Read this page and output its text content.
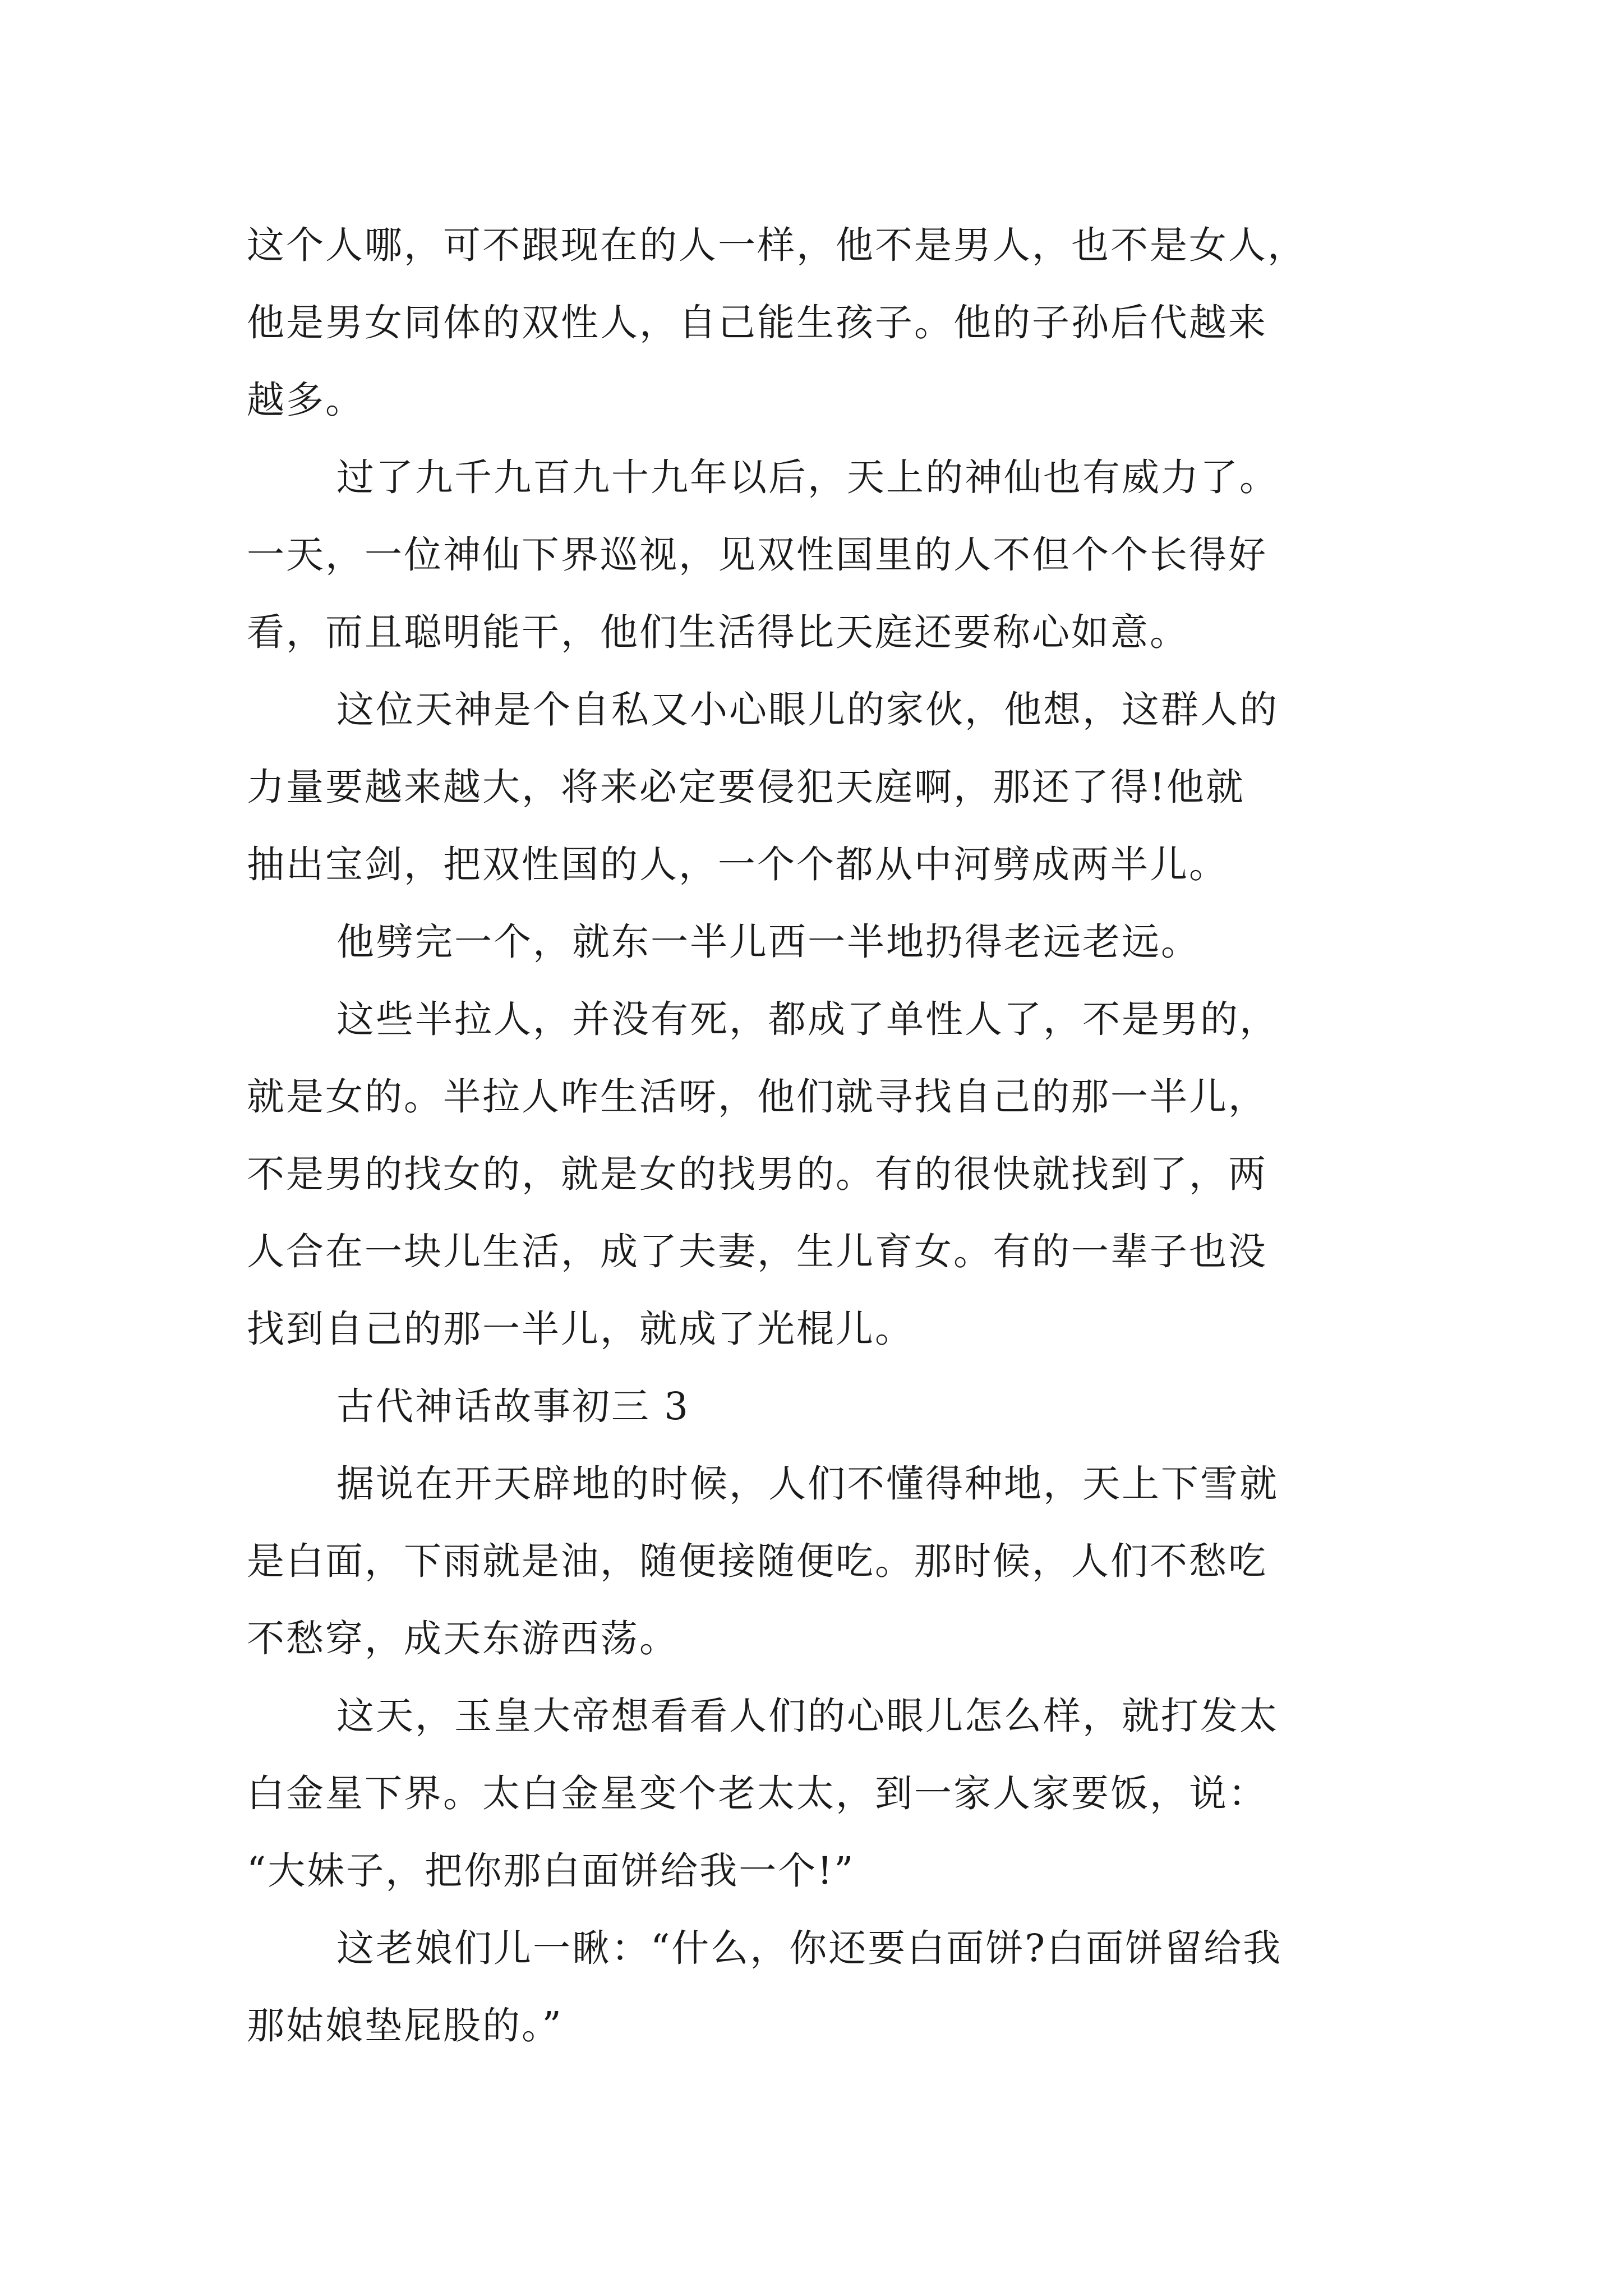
这个人哪，可不跟现在的人一样，他不是男人，也不是女人，
他是男女同体的双性人，自己能生孩子。他的子孙后代越来
越多。
过了九千九百九十九年以后，天上的神仙也有威力了。
一天，一位神仙下界巡视，见双性国里的人不但个个长得好
看，而且聪明能干，他们生活得比天庭还要称心如意。
这位天神是个自私又小心眼儿的家伙，他想，这群人的
力量要越来越大，将来必定要侵犯天庭啊，那还了得!他就
抽出宝剑，把双性国的人，一个个都从中河劈成两半儿。
他劈完一个，就东一半儿西一半地扔得老远老远。
这些半拉人，并没有死，都成了单性人了，不是男的，
就是女的。半拉人咋生活呀，他们就寻找自己的那一半儿，
不是男的找女的，就是女的找男的。有的很快就找到了，两
人合在一块儿生活，成了夫妻，生儿育女。有的一辈子也没
找到自己的那一半儿，就成了光棍儿。
古代神话故事初三 3
据说在开天辟地的时候，人们不懂得种地，天上下雪就
是白面，下雨就是油，随便接随便吃。那时候，人们不愁吃
不愁穿，成天东游西荡。
这天，玉皇大帝想看看人们的心眼儿怎么样，就打发太
白金星下界。太白金星变个老太太，到一家人家要饭，说：
“大妹子，把你那白面饼给我一个!”
这老娘们儿一瞅：“什么，你还要白面饼?白面饼留给我
那姑娘垫屁股的。”
